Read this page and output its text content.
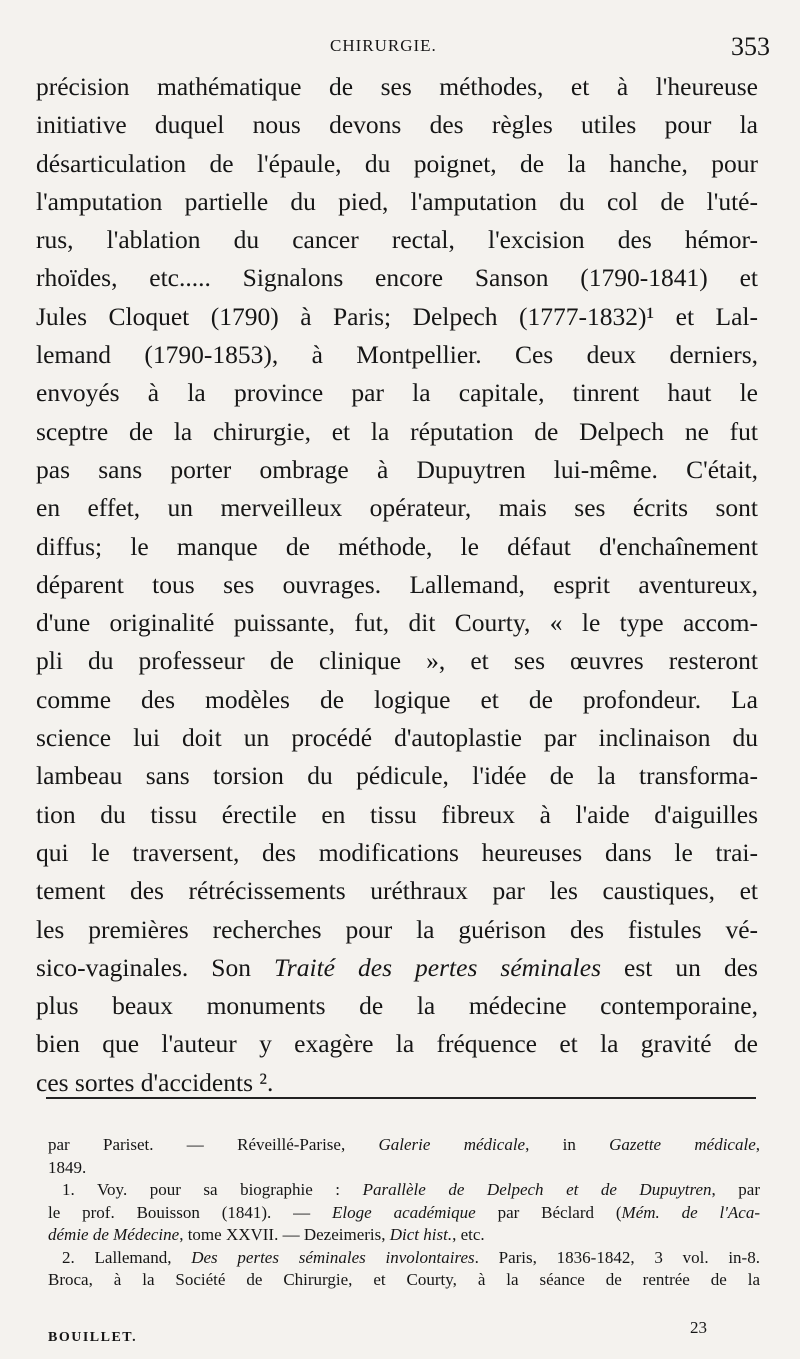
CHIRURGIE.	353
précision mathématique de ses méthodes, et à l'heureuse
initiative duquel nous devons des règles utiles pour la
désarticulation de l'épaule, du poignet, de la hanche, pour
l'amputation partielle du pied, l'amputation du col de l'uté-
rus, l'ablation du cancer rectal, l'excision des hémor-
rhoïdes, etc..... Signalons encore Sanson (1790-1841) et
Jules Cloquet (1790) à Paris; Delpech (1777-1832)¹ et Lal-
lemand (1790-1853), à Montpellier. Ces deux derniers,
envoyés à la province par la capitale, tinrent haut le
sceptre de la chirurgie, et la réputation de Delpech ne fut
pas sans porter ombrage à Dupuytren lui-même. C'était,
en effet, un merveilleux opérateur, mais ses écrits sont
diffus; le manque de méthode, le défaut d'enchaînement
déparent tous ses ouvrages. Lallemand, esprit aventureux,
d'une originalité puissante, fut, dit Courty, « le type accom-
pli du professeur de clinique », et ses œuvres resteront
comme des modèles de logique et de profondeur. La
science lui doit un procédé d'autoplastie par inclinaison du
lambeau sans torsion du pédicule, l'idée de la transforma-
tion du tissu érectile en tissu fibreux à l'aide d'aiguilles
qui le traversent, des modifications heureuses dans le trai-
tement des rétrécissements uréthraux par les caustiques, et
les premières recherches pour la guérison des fistules vé-
sico-vaginales. Son Traité des pertes séminales est un des
plus beaux monuments de la médecine contemporaine,
bien que l'auteur y exagère la fréquence et la gravité de
ces sortes d'accidents ².
par Pariset. — Réveillé-Parise, Galerie médicale, in Gazette médicale,
1849.
1. Voy. pour sa biographie : Parallèle de Delpech et de Dupuytren, par
le prof. Bouisson (1841). — Eloge académique par Béclard (Mém. de l'Aca-
démie de Médecine, tome XXVII. — Dezeimeris, Dict hist., etc.
2. Lallemand, Des pertes séminales involontaires. Paris, 1836-1842, 3 vol. in-8.
Broca, à la Société de Chirurgie, et Courty, à la séance de rentrée de la
BOUILLET.
23
